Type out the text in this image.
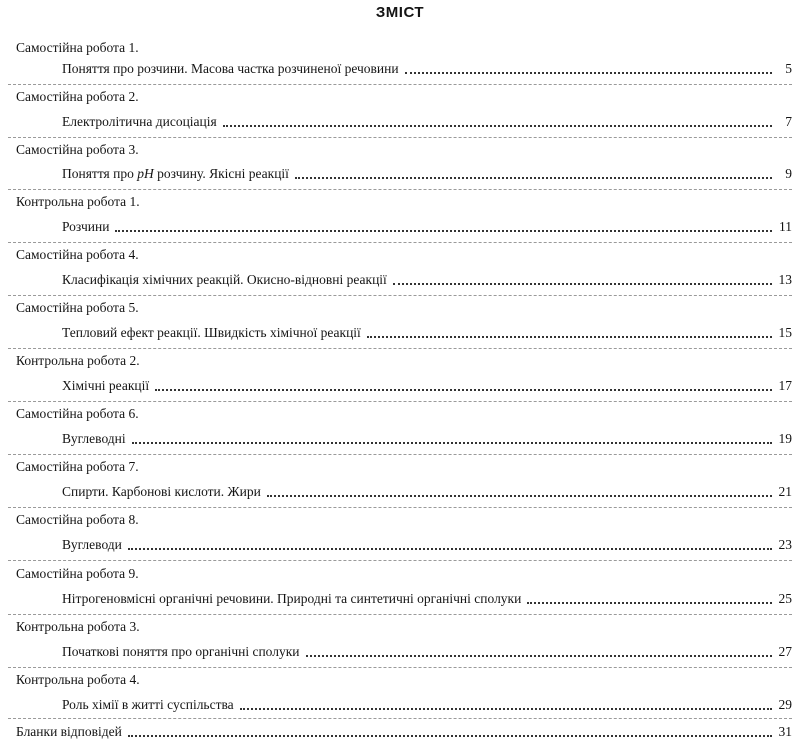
ЗМІСТ
Самостійна робота 1.
Поняття про розчини. Масова частка розчиненої речовини	5
Самостійна робота 2.
Електролітична дисоціація	7
Самостійна робота 3.
Поняття про pH розчину. Якісні реакції	9
Контрольна робота 1.
Розчини	11
Самостійна робота 4.
Класифікація хімічних реакцій. Окисно-відновні реакції	13
Самостійна робота 5.
Тепловий ефект реакції. Швидкість хімічної реакції	15
Контрольна робота 2.
Хімічні реакції	17
Самостійна робота 6.
Вуглеводні	19
Самостійна робота 7.
Спирти. Карбонові кислоти. Жири	21
Самостійна робота 8.
Вуглеводи	23
Самостійна робота 9.
Нітрогеновмісні органічні речовини. Природні та синтетичні органічні сполуки	25
Контрольна робота 3.
Початкові поняття про органічні сполуки	27
Контрольна робота 4.
Роль хімії в житті суспільства	29
Бланки відповідей	31
